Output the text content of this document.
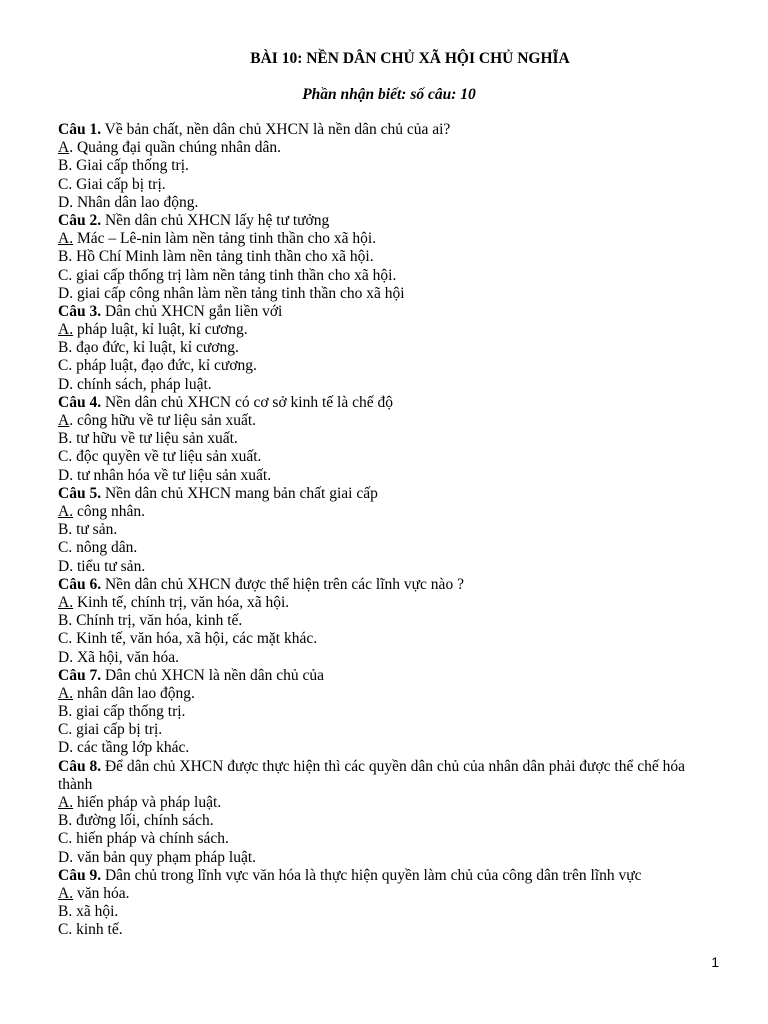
BÀI 10: NỀN DÂN CHỦ XÃ HỘI CHỦ NGHĨA
Phần nhận biết: số câu: 10
Câu 1. Về bản chất, nền dân chủ XHCN là nền dân chủ của ai?
A. Quảng đại quần chúng nhân dân.
B. Giai cấp thống trị.
C. Giai cấp bị trị.
D. Nhân dân lao động.
Câu 2. Nền dân chủ XHCN lấy hệ tư tưởng
A. Mác – Lê-nin làm nền tảng tinh thần cho xã hội.
B. Hồ Chí Minh làm nền tảng tinh thần cho xã hội.
C. giai cấp thống trị làm nền tảng tinh thần cho xã hội.
D. giai cấp công nhân làm nền tảng tinh thần cho xã hội
Câu 3. Dân chủ XHCN gắn liền với
A. pháp luật, kỉ luật, kỉ cương.
B. đạo đức, kỉ luật, kỉ cương.
C. pháp luật, đạo đức, kỉ cương.
D. chính sách, pháp luật.
Câu 4. Nền dân chủ XHCN có cơ sở kinh tế là chế độ
A. công hữu về tư liệu sản xuất.
B. tư hữu về tư liệu sản xuất.
C. độc quyền về tư liệu sản xuất.
D. tư nhân hóa về tư liệu sản xuất.
Câu 5. Nền dân chủ XHCN mang bản chất giai cấp
A. công nhân.
B. tư sản.
C. nông dân.
D. tiểu tư sản.
Câu 6. Nền dân chủ XHCN được thể hiện trên các lĩnh vực nào ?
A. Kinh tế, chính trị, văn hóa, xã hội.
B. Chính trị, văn hóa, kinh tế.
C. Kinh tế, văn hóa, xã hội, các mặt khác.
D. Xã hội, văn hóa.
Câu 7. Dân chủ XHCN là nền dân chủ của
A. nhân dân lao động.
B. giai cấp thống trị.
C. giai cấp bị trị.
D. các tầng lớp khác.
Câu 8. Để dân chủ XHCN được thực hiện thì các quyền dân chủ của nhân dân phải được thể chế hóa thành
A. hiến pháp và pháp luật.
B. đường lối, chính sách.
C. hiến pháp và chính sách.
D. văn bản quy phạm pháp luật.
Câu 9. Dân chủ trong lĩnh vực văn hóa là thực hiện quyền làm chủ của công dân trên lĩnh vực
A. văn hóa.
B. xã hội.
C. kinh tế.
1
